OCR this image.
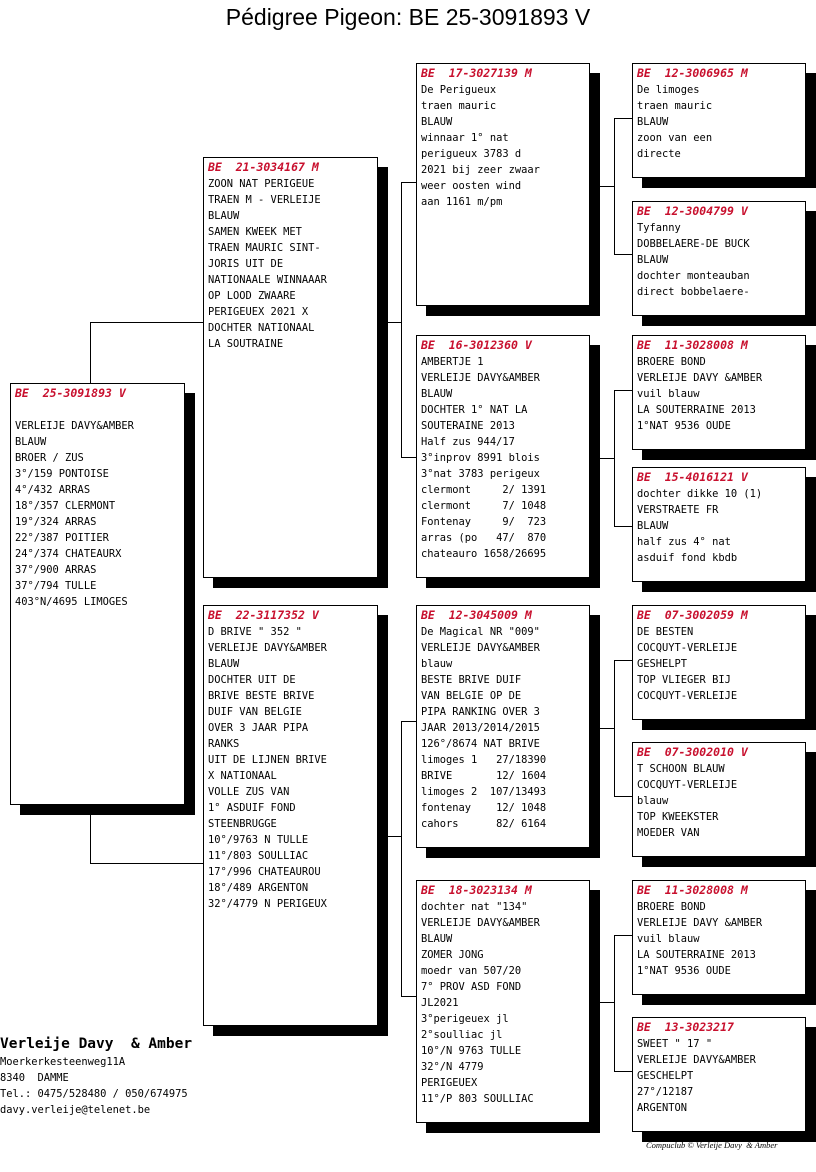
Pédigree Pigeon: BE 25-3091893 V
BE  25-3091893 V

VERLEIJE DAVY&AMBER
BLAUW
BROER / ZUS
3°/159 PONTOISE
4°/432 ARRAS
18°/357 CLERMONT
19°/324 ARRAS
22°/387 POITIER
24°/374 CHATEAURX
37°/900 ARRAS
37°/794 TULLE
403°N/4695 LIMOGES
BE  21-3034167 M
ZOON NAT PERIGEUE
TRAEN M - VERLEIJE
BLAUW
SAMEN KWEEK MET
TRAEN MAURIC SINT-
JORIS UIT DE
NATIONAALE WINNAAAR
OP LOOD ZWAARE
PERIGEUEX 2021 X
DOCHTER NATIONAAL
LA SOUTRAINE
BE  22-3117352 V
D BRIVE " 352 "
VERLEIJE DAVY&AMBER
BLAUW
DOCHTER UIT DE
BRIVE BESTE BRIVE
DUIF VAN BELGIE
OVER 3 JAAR PIPA
RANKS
UIT DE LIJNEN BRIVE
X NATIONAAL
VOLLE ZUS VAN
1° ASDUIF FOND
STEENBRUGGE
10°/9763 N TULLE
11°/803 SOULLIAC
17°/996 CHATEAUROU
18°/489 ARGENTON
32°/4779 N PERIGEUX
BE  17-3027139 M
De Perigueux
traen mauric
BLAUW
winnaar 1° nat
perigueux 3783 d
2021 bij zeer zwaar
weer oosten wind
aan 1161 m/pm
BE  16-3012360 V
AMBERTJE 1
VERLEIJE DAVY&AMBER
BLAUW
DOCHTER 1° NAT LA
SOUTERAINE 2013
Half zus 944/17
3°inprov 8991 blois
3°nat 3783 perigeux
clermont     2/ 1391
clermont     7/ 1048
Fontenay     9/  723
arras (po   47/  870
chateauro 1658/26695
BE  12-3045009 M
De Magical NR "009"
VERLEIJE DAVY&AMBER
blauw
BESTE BRIVE DUIF
VAN BELGIE OP DE
PIPA RANKING OVER 3
JAAR 2013/2014/2015
126°/8674 NAT BRIVE
limoges 1   27/18390
BRIVE       12/ 1604
limoges 2  107/13493
fontenay    12/ 1048
cahors      82/ 6164
BE  18-3023134 M
dochter nat "134"
VERLEIJE DAVY&AMBER
BLAUW
ZOMER JONG
moedr van 507/20
7° PROV ASD FOND
JL2021
3°perigeuex jl
2°soulliac jl
10°/N 9763 TULLE
32°/N 4779
PERIGEUEX
11°/P 803 SOULLIAC
BE  12-3006965 M
De limoges
traen mauric
BLAUW
zoon van een
directe
BE  12-3004799 V
Tyfanny
DOBBELAERE-DE BUCK
BLAUW
dochter monteauban
direct bobbelaere-
BE  11-3028008 M
BROERE BOND
VERLEIJE DAVY &AMBER
vuil blauw
LA SOUTERRAINE 2013
1°NAT 9536 OUDE
BE  15-4016121 V
dochter dikke 10 (1)
VERSTRAETE FR
BLAUW
half zus 4° nat
asduif fond kbdb
BE  07-3002059 M
DE BESTEN
COCQUYT-VERLEIJE
GESHELPT
TOP VLIEGER BIJ
COCQUYT-VERLEIJE
BE  07-3002010 V
T SCHOON BLAUW
COCQUYT-VERLEIJE
blauw
TOP KWEEKSTER
MOEDER VAN
BE  11-3028008 M
BROERE BOND
VERLEIJE DAVY &AMBER
vuil blauw
LA SOUTERRAINE 2013
1°NAT 9536 OUDE
BE  13-3023217
SWEET " 17 "
VERLEIJE DAVY&AMBER
GESCHELPT
27°/12187
ARGENTON
Verleije Davy  & Amber
Moerkerkesteenweg11A
8340  DAMME
Tel.: 0475/528480 / 050/674975
davy.verleije@telenet.be
Compuclub © Verleije Davy  & Amber
